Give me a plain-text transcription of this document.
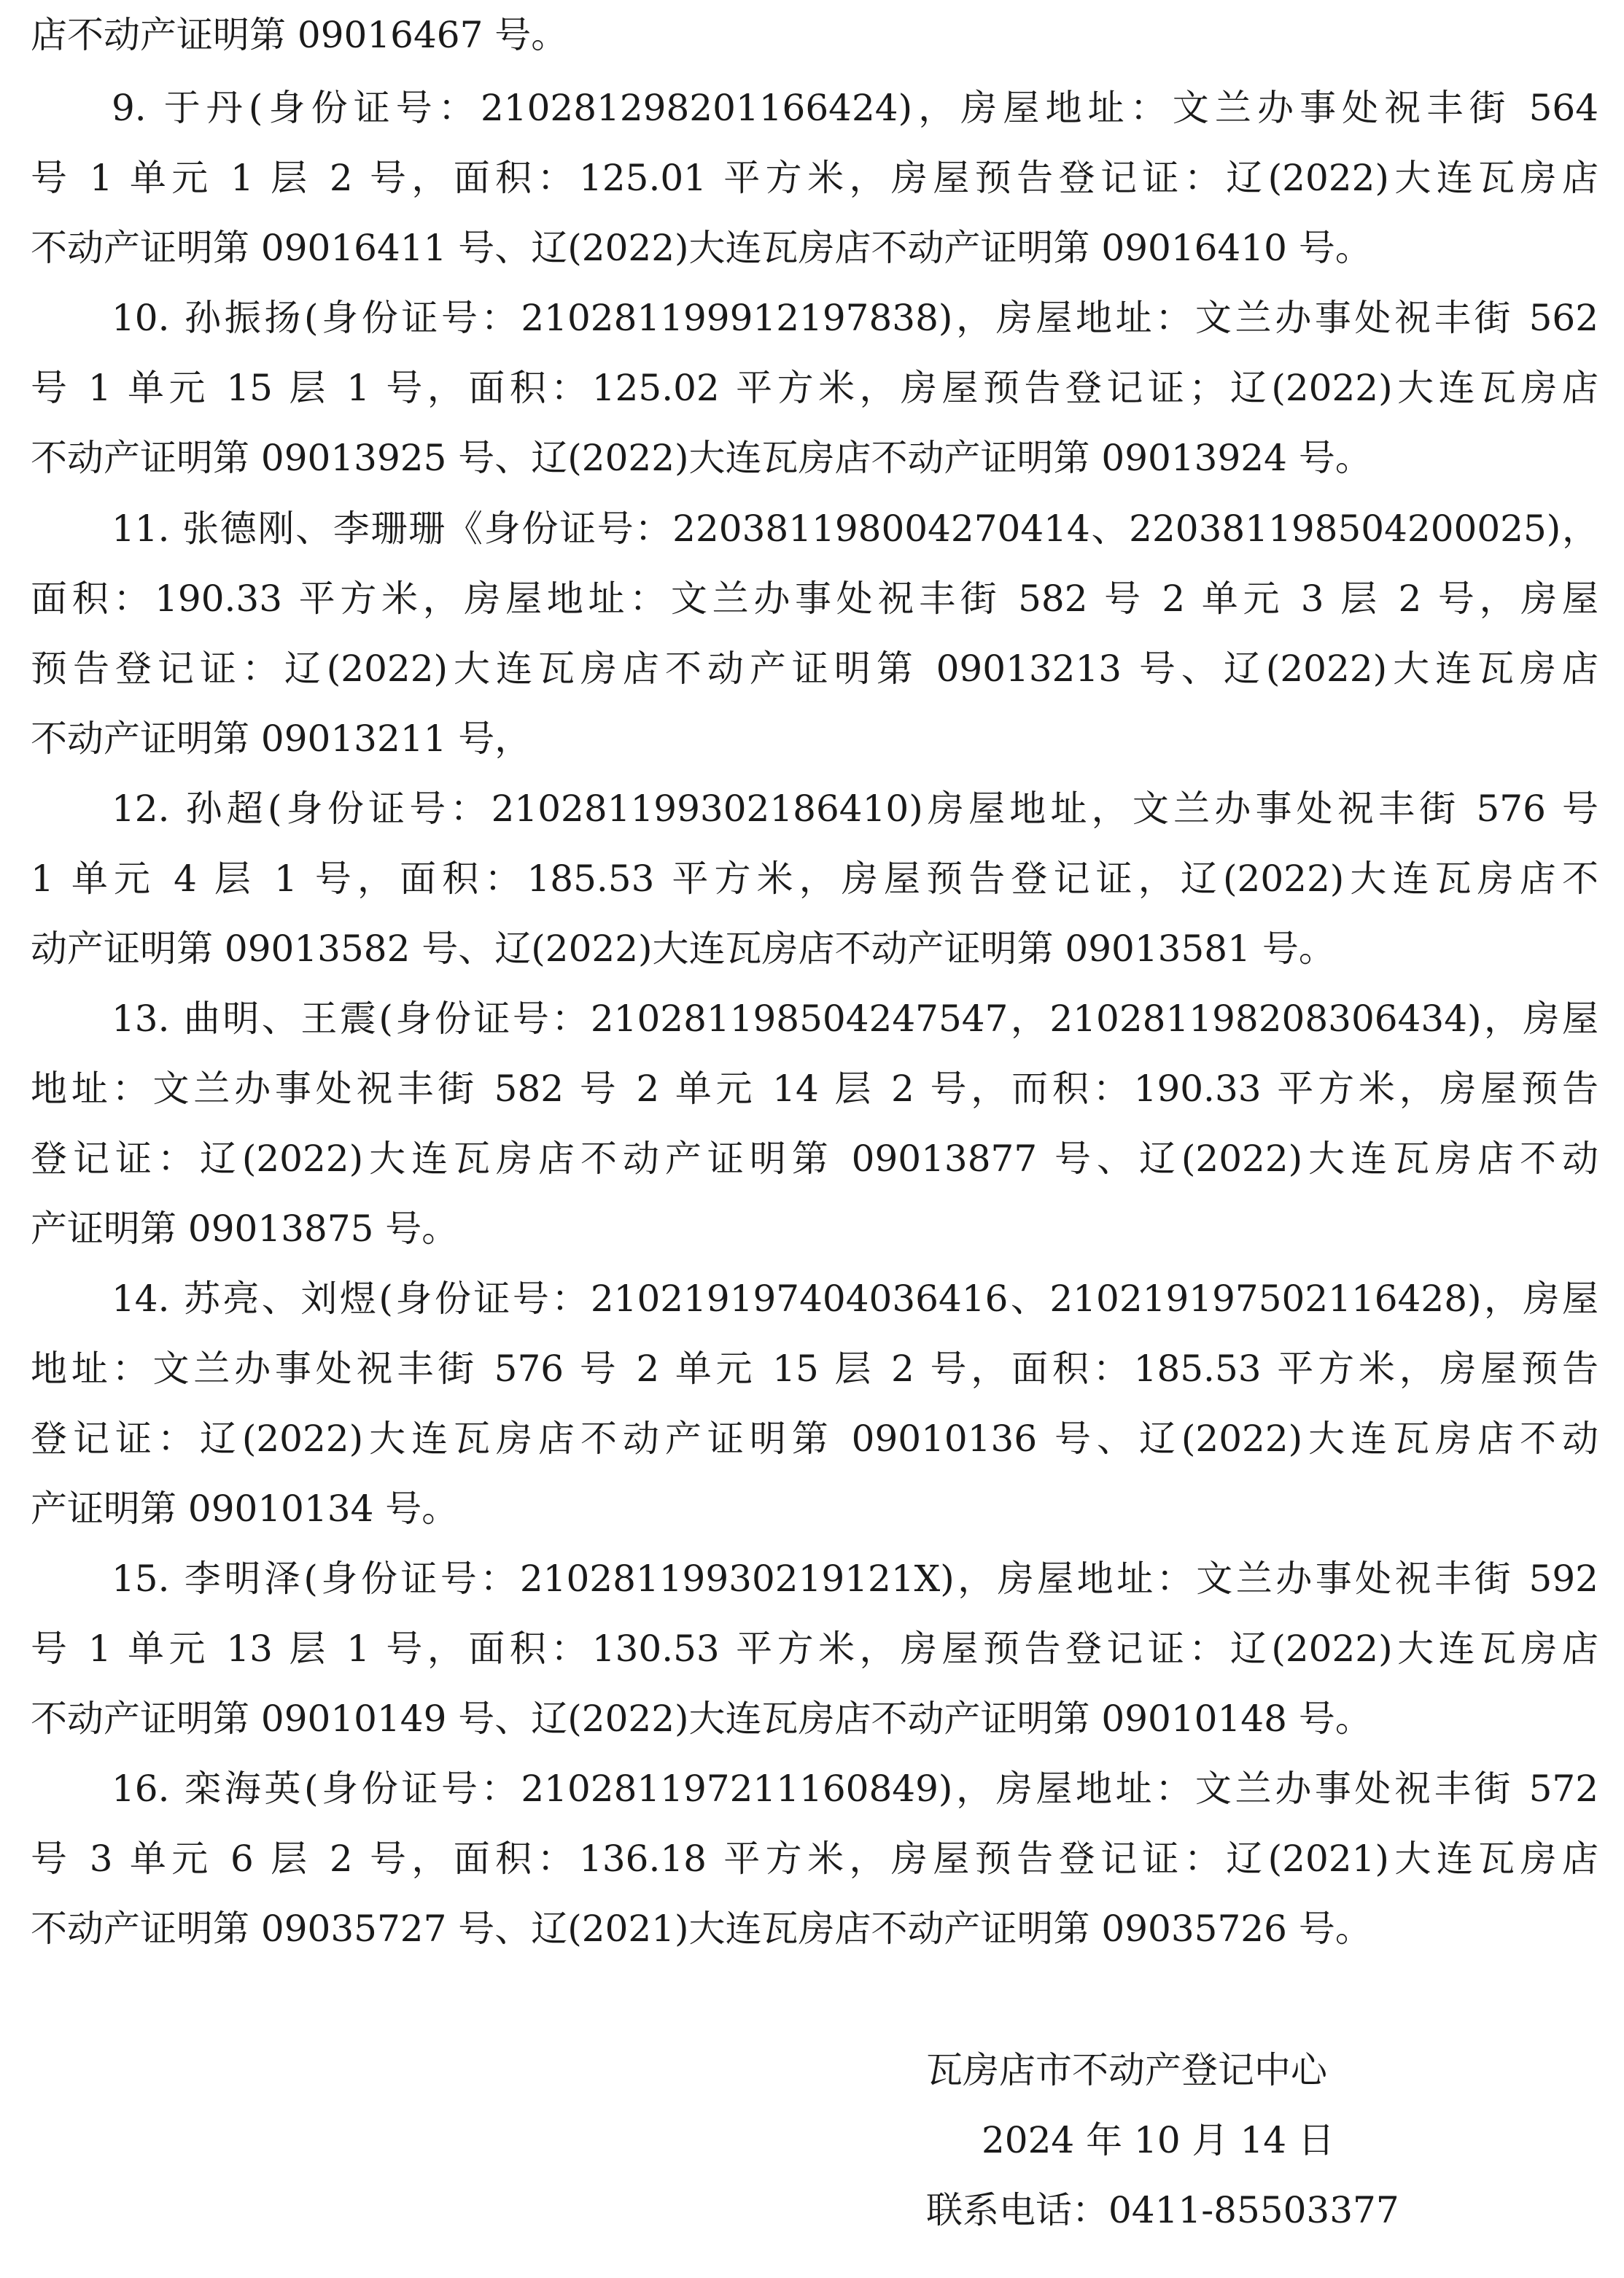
店不动产证明第 09016467 号。
9. 于丹(身份证号：210281298201166424)，房屋地址：文兰办事处祝丰街 564
号 1 单元 1 层 2 号，面积：125.01 平方米，房屋预告登记证：辽(2022)大连瓦房店
不动产证明第 09016411 号、辽(2022)大连瓦房店不动产证明第 09016410 号。
10. 孙振扬(身份证号：210281199912197838)，房屋地址：文兰办事处祝丰街 562
号 1 单元 15 层 1 号，面积：125.02 平方米，房屋预告登记证；辽(2022)大连瓦房店
不动产证明第 09013925 号、辽(2022)大连瓦房店不动产证明第 09013924 号。
11. 张德刚、李珊珊《身份证号：220381198004270414、220381198504200025)，
面积：190.33 平方米，房屋地址：文兰办事处祝丰街 582 号 2 单元 3 层 2 号，房屋
预告登记证：辽(2022)大连瓦房店不动产证明第 09013213 号、辽(2022)大连瓦房店
不动产证明第 09013211 号，
12. 孙超(身份证号：210281199302186410)房屋地址，文兰办事处祝丰街 576 号
1 单元 4 层 1 号，面积：185.53 平方米，房屋预告登记证，辽(2022)大连瓦房店不
动产证明第 09013582 号、辽(2022)大连瓦房店不动产证明第 09013581 号。
13. 曲明、王震(身份证号：210281198504247547，210281198208306434)，房屋
地址：文兰办事处祝丰街 582 号 2 单元 14 层 2 号，而积：190.33 平方米，房屋预告
登记证：辽(2022)大连瓦房店不动产证明第 09013877 号、辽(2022)大连瓦房店不动
产证明第 09013875 号。
14. 苏亮、刘煜(身份证号：210219197404036416、210219197502116428)，房屋
地址：文兰办事处祝丰街 576 号 2 单元 15 层 2 号，面积：185.53 平方米，房屋预告
登记证：辽(2022)大连瓦房店不动产证明第 09010136 号、辽(2022)大连瓦房店不动
产证明第 09010134 号。
15. 李明泽(身份证号：21028119930219121X)，房屋地址：文兰办事处祝丰街 592
号 1 单元 13 层 1 号，面积：130.53 平方米，房屋预告登记证：辽(2022)大连瓦房店
不动产证明第 09010149 号、辽(2022)大连瓦房店不动产证明第 09010148 号。
16. 栾海英(身份证号：210281197211160849)，房屋地址：文兰办事处祝丰街 572
号 3 单元 6 层 2 号，面积：136.18 平方米，房屋预告登记证：辽(2021)大连瓦房店
不动产证明第 09035727 号、辽(2021)大连瓦房店不动产证明第 09035726 号。
瓦房店市不动产登记中心
2024 年 10 月 14 日
联系电话：0411-85503377
